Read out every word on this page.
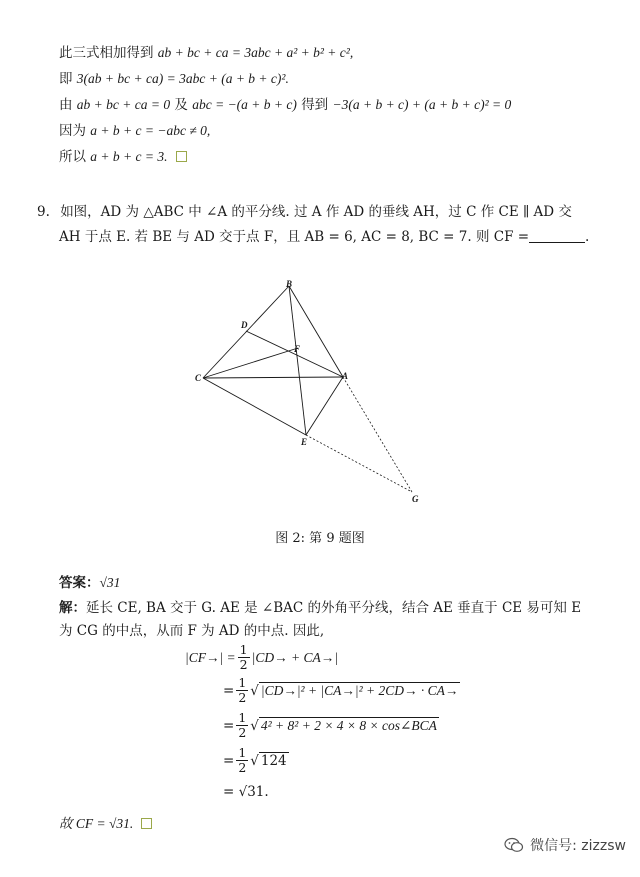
此三式相加得到 ab + bc + ca = 3abc + a² + b² + c²,
即 3(ab + bc + ca) = 3abc + (a + b + c)².
由 ab + bc + ca = 0 及 abc = −(a + b + c) 得到 −3(a + b + c) + (a + b + c)² = 0
因为 a + b + c = −abc ≠ 0,
所以 a + b + c = 3.
9. 如图，AD 为 △ABC 中 ∠A 的平分线. 过 A 作 AD 的垂线 AH，过 C 作 CE ∥ AD 交
AH 于点 E. 若 BE 与 AD 交于点 F，且 AB = 6, AC = 8, BC = 7. 则 CF =	.
B
D
F
C	A
E
G
图 2: 第 9 题图
答案：√31
解：延长 CE, BA 交于 G. AE 是 ∠BAC 的外角平分线，结合 AE 垂直于 CE 易可知 E
为 CG 的中点，从而 F 为 AD 的中点. 因此,
$|CF\to| = \frac{1}{2} |CD\to + CA\to|$
= $\frac{1}{2}$ √ |CD→|² + |CA→|² + 2CD→ · CA→
= $\frac{1}{2}$ √ 4² + 8² + 2 × 4 × 8 × cos∠BCA
= $\frac{1}{2}$ √ 124
=
√31.
故 CF = √31.
微信号: zizzsw
